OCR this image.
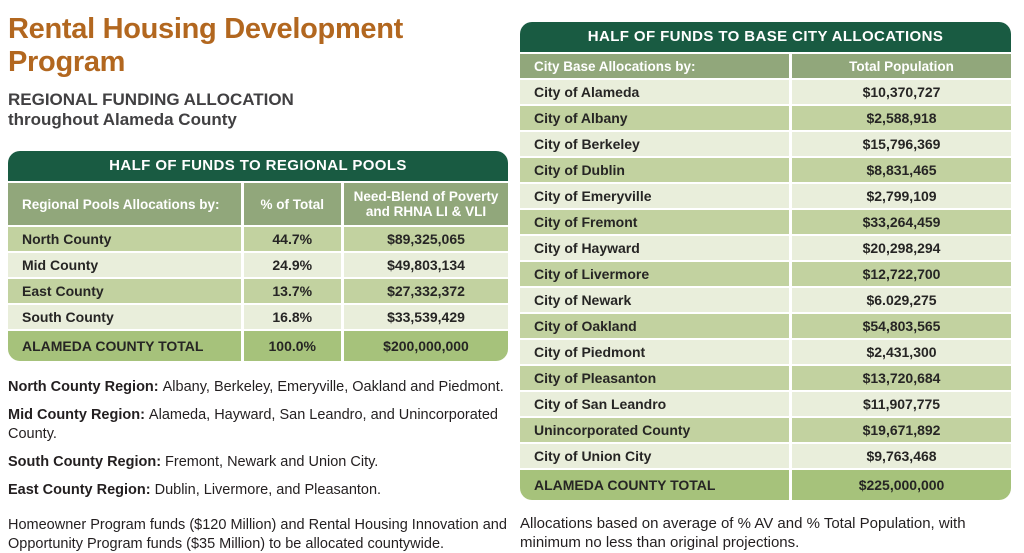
Rental Housing Development Program
REGIONAL FUNDING ALLOCATION
throughout Alameda County
HALF OF FUNDS TO REGIONAL POOLS
Regional Pools Allocations by:	% of Total	Need-Blend of Poverty and RHNA LI & VLI
North County	44.7%	$89,325,065
Mid County	24.9%	$49,803,134
East County	13.7%	$27,332,372
South County	16.8%	$33,539,429
ALAMEDA COUNTY TOTAL	100.0%	$200,000,000
North County Region: Albany, Berkeley, Emeryville, Oakland and Piedmont.
Mid County Region: Alameda, Hayward, San Leandro, and Unincorporated County.
South County Region: Fremont, Newark and Union City.
East County Region: Dublin, Livermore, and Pleasanton.
Homeowner Program funds ($120 Million) and Rental Housing Innovation and Opportunity Program funds ($35 Million) to be allocated countywide.
HALF OF FUNDS TO BASE CITY ALLOCATIONS
City Base Allocations by:	Total Population
City of Alameda	$10,370,727
City of Albany	$2,588,918
City of Berkeley	$15,796,369
City of Dublin	$8,831,465
City of Emeryville	$2,799,109
City of Fremont	$33,264,459
City of Hayward	$20,298,294
City of Livermore	$12,722,700
City of Newark	$6.029,275
City of Oakland	$54,803,565
City of Piedmont	$2,431,300
City of Pleasanton	$13,720,684
City of San Leandro	$11,907,775
Unincorporated County	$19,671,892
City of Union City	$9,763,468
ALAMEDA COUNTY TOTAL	$225,000,000
Allocations based on average of % AV and % Total Population, with minimum no less than original projections.
